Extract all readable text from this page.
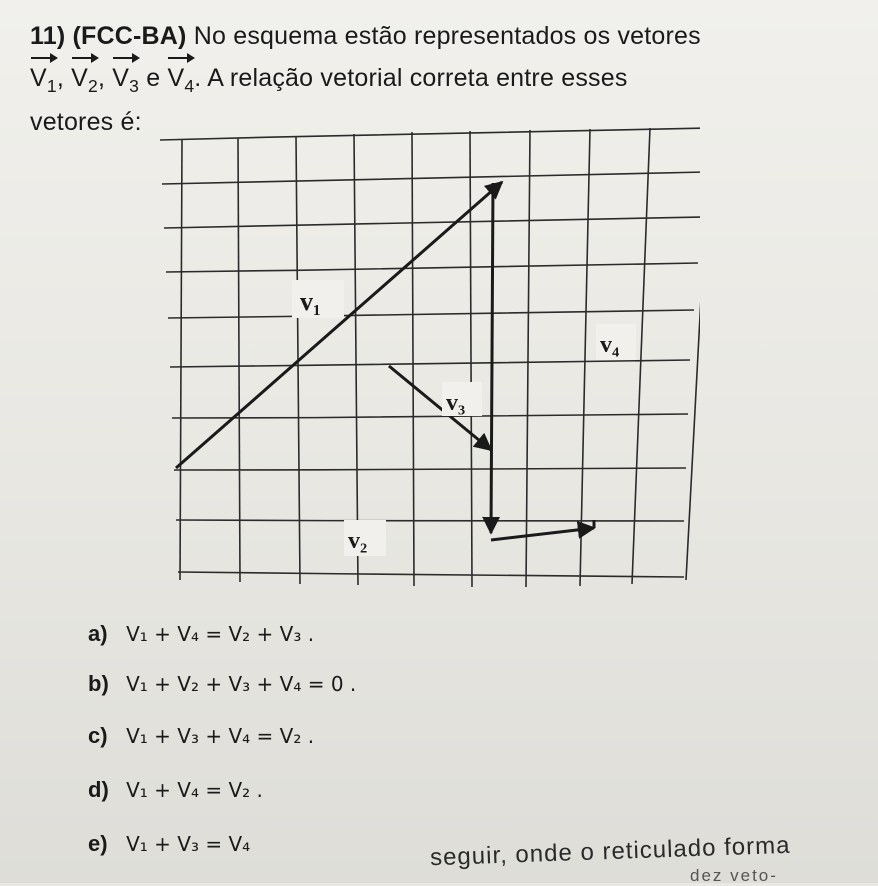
11) (FCC-BA) No esquema estão representados os vetores
$V_1$, $V_2$, $V_3$ e $V_4$. A relação vetorial correta entre esses
vetores é:
v₁
v₄
v₃
v₂
a) V₁ + V₄ = V₂ + V₃ .
b) V₁ + V₂ + V₃ + V₄ = 0 .
c) V₁ + V₃ + V₄ = V₂ .
d) V₁ + V₄ = V₂ .
e) V₁ + V₃ = V₄	seguir, onde o reticulado forma
dez veto-
